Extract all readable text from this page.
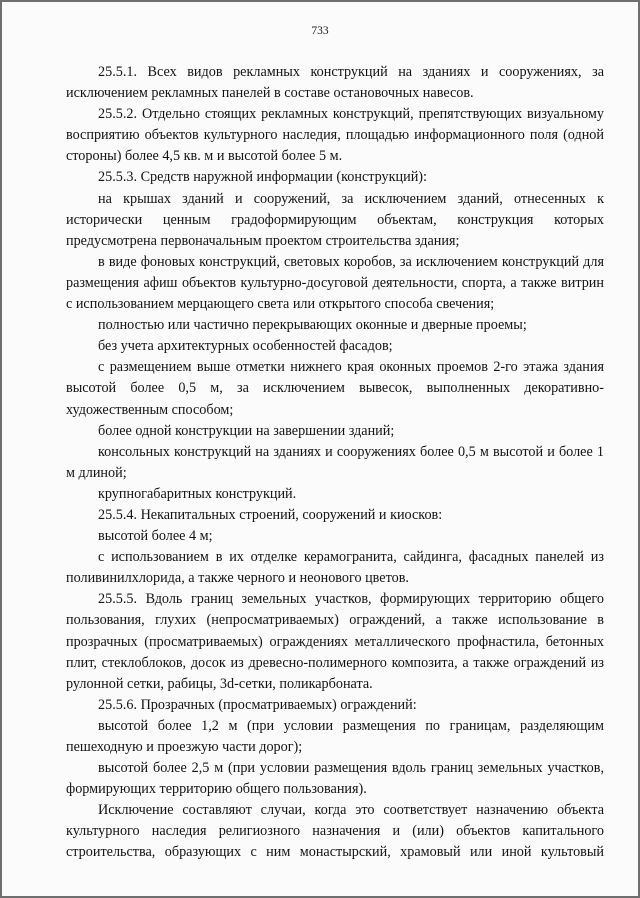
733

25.5.1. Всех видов рекламных конструкций на зданиях и сооружениях, за исключением рекламных панелей в составе остановочных навесов.

25.5.2. Отдельно стоящих рекламных конструкций, препятствующих визуальному восприятию объектов культурного наследия, площадью информационного поля (одной стороны) более 4,5 кв. м и высотой более 5 м.

25.5.3. Средств наружной информации (конструкций):

на крышах зданий и сооружений, за исключением зданий, отнесенных к исторически ценным градоформирующим объектам, конструкция которых предусмотрена первоначальным проектом строительства здания;

в виде фоновых конструкций, световых коробов, за исключением конструкций для размещения афиш объектов культурно-досуговой деятельности, спорта, а также витрин с использованием мерцающего света или открытого способа свечения;

полностью или частично перекрывающих оконные и дверные проемы;

без учета архитектурных особенностей фасадов;

с размещением выше отметки нижнего края оконных проемов 2-го этажа здания высотой более 0,5 м, за исключением вывесок, выполненных декоративно-художественным способом;

более одной конструкции на завершении зданий;

консольных конструкций на зданиях и сооружениях более 0,5 м высотой и более 1 м длиной;

крупногабаритных конструкций.

25.5.4. Некапитальных строений, сооружений и киосков:

высотой более 4 м;

с использованием в их отделке керамогранита, сайдинга, фасадных панелей из поливинилхлорида, а также черного и неонового цветов.

25.5.5. Вдоль границ земельных участков, формирующих территорию общего пользования, глухих (непросматриваемых) ограждений, а также использование в прозрачных (просматриваемых) ограждениях металлического профнастила, бетонных плит, стеклоблоков, досок из древесно-полимерного композита, а также ограждений из рулонной сетки, рабицы, 3d-сетки, поликарбоната.

25.5.6. Прозрачных (просматриваемых) ограждений:

высотой более 1,2 м (при условии размещения по границам, разделяющим пешеходную и проезжую части дорог);

высотой более 2,5 м (при условии размещения вдоль границ земельных участков, формирующих территорию общего пользования).

Исключение составляют случаи, когда это соответствует назначению объекта культурного наследия религиозного назначения и (или) объектов капитального строительства, образующих с ним монастырский, храмовый или иной культовый
